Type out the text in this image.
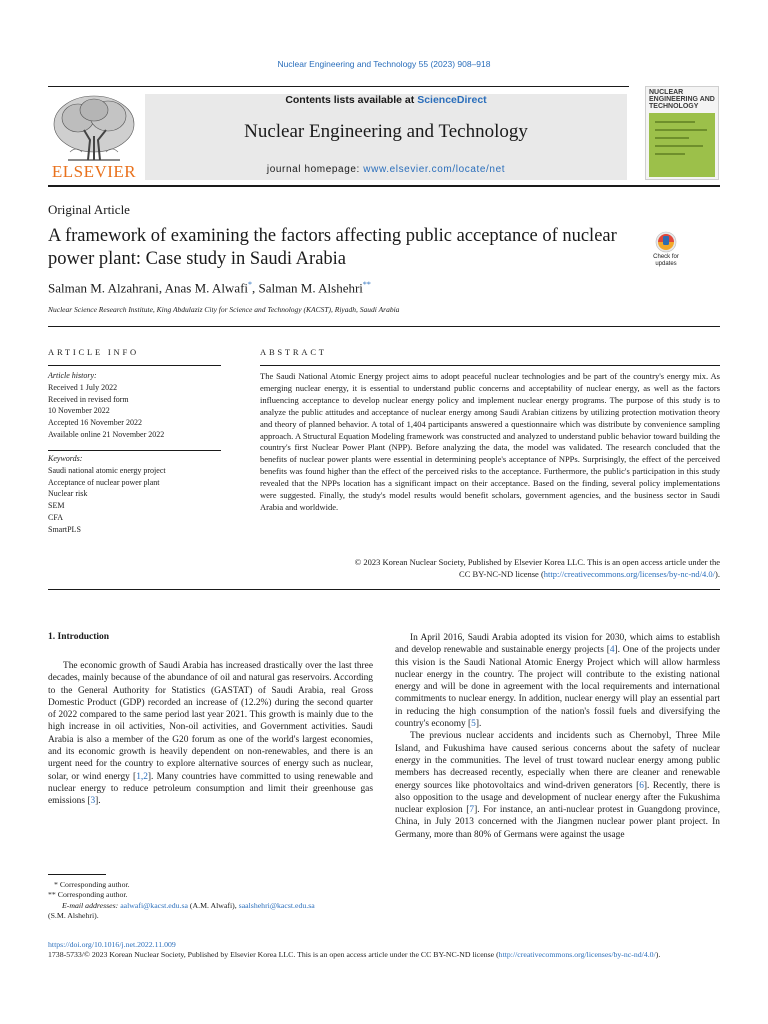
Nuclear Engineering and Technology 55 (2023) 908–918
ELSEVIER
Contents lists available at ScienceDirect
Nuclear Engineering and Technology
journal homepage: www.elsevier.com/locate/net
NUCLEAR
ENGINEERING AND
TECHNOLOGY
Original Article
A framework of examining the factors affecting public acceptance of nuclear power plant: Case study in Saudi Arabia	Check for
updates
Salman M. Alzahrani, Anas M. Alwafi*, Salman M. Alshehri**
Nuclear Science Research Institute, King Abdulaziz City for Science and Technology (KACST), Riyadh, Saudi Arabia
ARTICLE INFO
Article history:
Received 1 July 2022
Received in revised form
10 November 2022
Accepted 16 November 2022
Available online 21 November 2022
Keywords:
Saudi national atomic energy project
Acceptance of nuclear power plant
Nuclear risk
SEM
CFA
SmartPLS
ABSTRACT
The Saudi National Atomic Energy project aims to adopt peaceful nuclear technologies and be part of the country's energy mix. As emerging nuclear energy, it is essential to understand public concerns and acceptability of nuclear energy, as well as the factors influencing acceptance to develop nuclear energy policy and implement nuclear energy programs. The purpose of this study is to analyze the public attitudes and acceptance of nuclear energy among Saudi Arabian citizens by utilizing protection motivation theory and theory of planned behavior. A total of 1,404 participants answered a questionnaire which was distribute by convenience sampling approach. A Structural Equation Modeling framework was constructed and analyzed to understand public behavior toward building the country's first Nuclear Power Plant (NPP). Before analyzing the data, the model was validated. The research concluded that the benefits of nuclear power plants were essential in determining people's acceptance of NPPs. Surprisingly, the effect of the perceived benefits was found higher than the effect of the perceived risks to the acceptance. Furthermore, the public's participation in this study revealed that the NPPs location has a significant impact on their acceptance. Based on the finding, several policy implementations were suggested. Finally, the study's model results would benefit scholars, government agencies, and the business sector in Saudi Arabia and worldwide.
© 2023 Korean Nuclear Society, Published by Elsevier Korea LLC. This is an open access article under the
CC BY-NC-ND license (http://creativecommons.org/licenses/by-nc-nd/4.0/).
1. Introduction
The economic growth of Saudi Arabia has increased drastically over the last three decades, mainly because of the abundance of oil and natural gas reservoirs. According to the General Authority for Statistics (GASTAT) of Saudi Arabia, real Gross Domestic Product (GDP) recorded an increase of (12.2%) during the second quarter of 2022 compared to the same period last year 2021. This growth is mainly due to the high increase in oil activities, Non-oil activities, and Government activities. Saudi Arabia is also a member of the G20 forum as one of the world's largest economies, and its economic growth is heavily dependent on non-renewables, and there is an urgent need for the country to explore alternative sources of energy such as nuclear, solar, or wind energy [1,2]. Many countries have committed to using renewable and nuclear energy to reduce petroleum consumption and limit their greenhouse gas emissions [3].

In April 2016, Saudi Arabia adopted its vision for 2030, which aims to establish and develop renewable and sustainable energy projects [4]. One of the projects under this vision is the Saudi National Atomic Energy Project which will allow harmless nuclear energy in the country. The project will contribute to the existing national energy and will be done in agreement with the local requirements and international commitments to nuclear energy. In addition, nuclear energy will play an essential part in reducing the high consumption of the nation's fossil fuels and diversifying the country's economy [5].

The previous nuclear accidents and incidents such as Chernobyl, Three Mile Island, and Fukushima have caused serious concerns about the safety of nuclear energy in the communities. The level of trust toward nuclear energy among public members has decreased recently, especially when there are cleaner and renewable energy sources like photovoltaics and wind-driven generators [6]. Recently, there is also opposition to the usage and development of nuclear energy after the Fukushima nuclear explosion [7]. For instance, an anti-nuclear protest in Guangdong province, China, in July 2013 concerned with the Jiangmen nuclear power plant project. In Germany, more than 80% of Germans were against the usage

* Corresponding author.
** Corresponding author.
E-mail addresses: aalwafi@kacst.edu.sa (A.M. Alwafi), saalshehri@kacst.edu.sa
(S.M. Alshehri).
https://doi.org/10.1016/j.net.2022.11.009
1738-5733/© 2023 Korean Nuclear Society, Published by Elsevier Korea LLC. This is an open access article under the CC BY-NC-ND license (http://creativecommons.org/licenses/by-nc-nd/4.0/).
